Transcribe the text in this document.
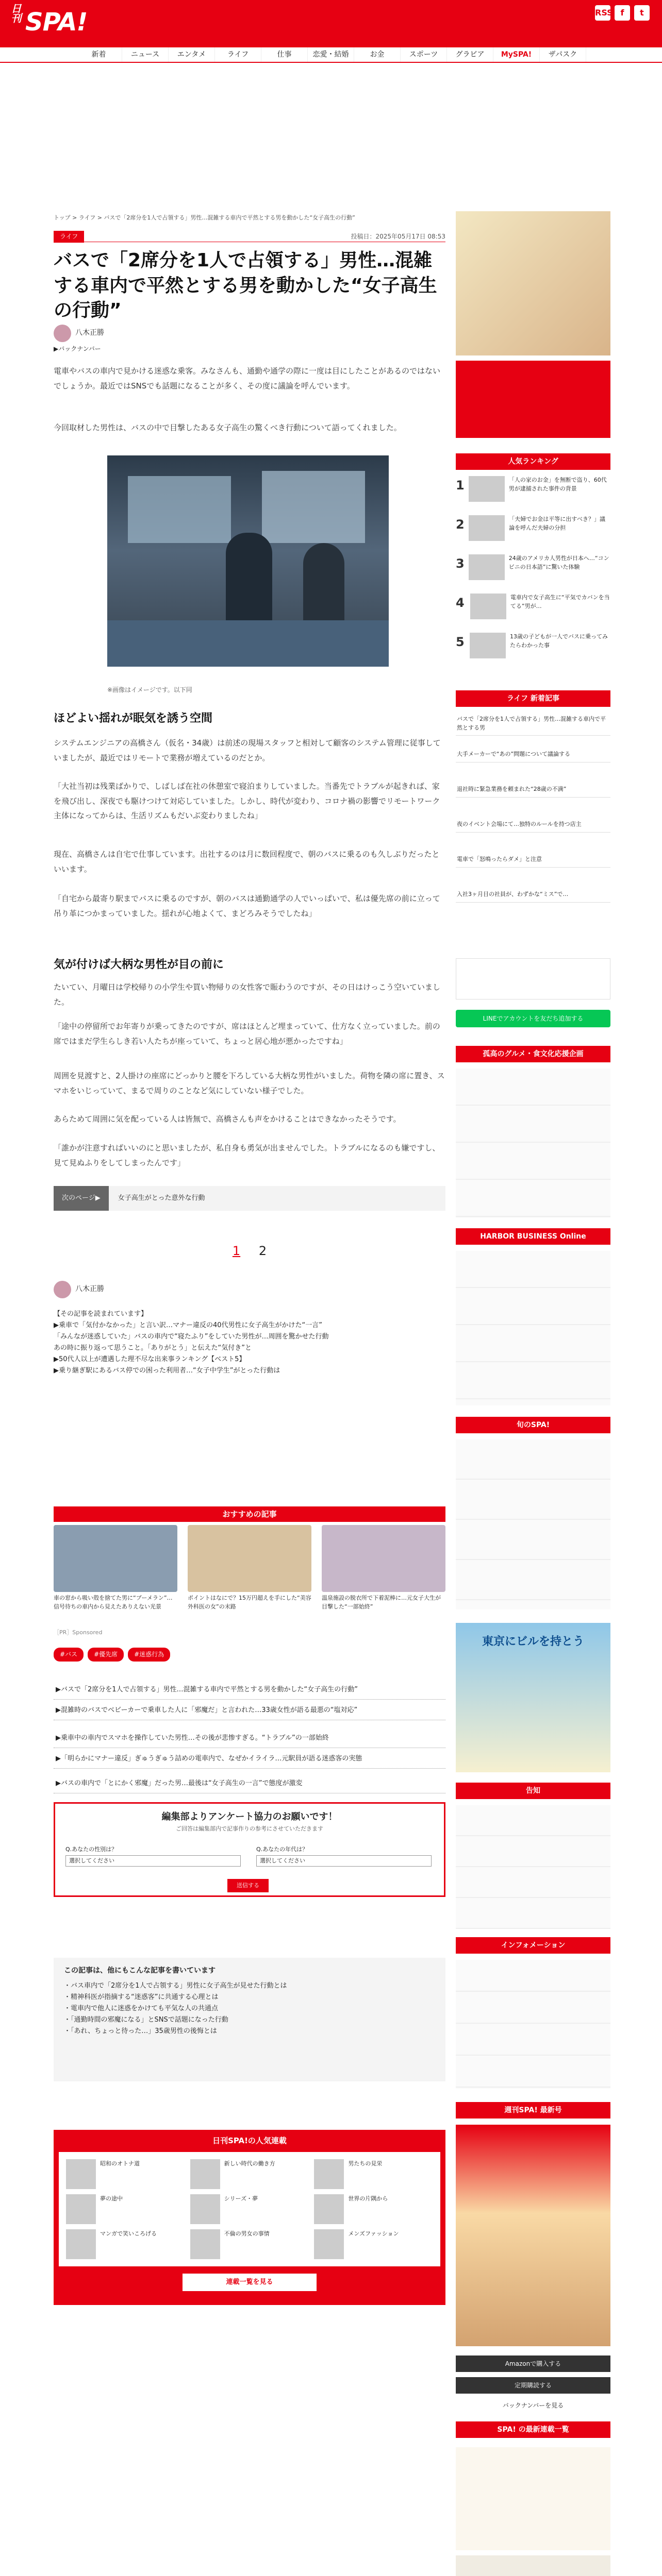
日刊 SPA!	RSS f	t
新着	ニュース	エンタメ	ライフ	仕事	恋愛・結婚	お金	スポーツ	グラビア	MySPA!	ザパスク
トップ > ライフ > バスで「2席分を1人で占領する」男性…混雑する車内で平然とする男を動かした“女子高生の行動”
ライフ	投稿日：2025年05月17日 08:53
バスで「2席分を1人で占領する」男性…混雑する車内で平然とする男を動かした“女子高生の行動”
八木正勝
▶バックナンバー

電車やバスの車内で見かける迷惑な乗客。みなさんも、通勤や通学の際に一度は目にしたことがあるのではないでしょうか。最近ではSNSでも話題になることが多く、その度に議論を呼んでいます。

今回取材した男性は、バスの中で目撃したある女子高生の驚くべき行動について語ってくれました。

※画像はイメージです。以下同
ほどよい揺れが眠気を誘う空間

システムエンジニアの高橋さん（仮名・34歳）は前述の現場スタッフと相対して顧客のシステム管理に従事していましたが、最近ではリモートで業務が増えているのだとか。

「大社当初は残業ばかりで、しばしば在社の休憩室で寝泊まりしていました。当番先でトラブルが起きれば、家を飛び出し、深夜でも駆けつけて対応していました。しかし、時代が変わり、コロナ禍の影響でリモートワーク主体になってからは、生活リズムもだいぶ変わりましたね」

現在、高橋さんは自宅で仕事しています。出社するのは月に数回程度で、朝のバスに乗るのも久しぶりだったといいます。

「自宅から最寄り駅までバスに乗るのですが、朝のバスは通勤通学の人でいっぱいで、私は優先席の前に立って吊り革につかまっていました。揺れが心地よくて、まどろみそうでしたね」

気が付けば大柄な男性が目の前に

たいてい、月曜日は学校帰りの小学生や買い物帰りの女性客で賑わうのですが、その日はけっこう空いていました。

「途中の停留所でお年寄りが乗ってきたのですが、席はほとんど埋まっていて、仕方なく立っていました。前の席ではまだ学生らしき若い人たちが座っていて、ちょっと居心地が悪かったですね」

周囲を見渡すと、2人掛けの座席にどっかりと腰を下ろしている大柄な男性がいました。荷物を隣の席に置き、スマホをいじっていて、まるで周りのことなど気にしていない様子でした。

あらためて周囲に気を配っている人は皆無で、高橋さんも声をかけることはできなかったそうです。

「誰かが注意すればいいのにと思いましたが、私自身も勇気が出ませんでした。トラブルになるのも嫌ですし、見て見ぬふりをしてしまったんです」

次のページ▶	女子高生がとった意外な行動
1 2
八木正勝
【その記事を読まれています】
▶乗車で「気付かなかった」と言い訳…マナー違反の40代男性に女子高生がかけた“一言”
「みんなが迷惑していた」バスの車内で“寝たふり”をしていた男性が…周囲を驚かせた行動
あの時に振り返って思うこと。「ありがとう」と伝えた“気付き”と
▶50代人以上が遭遇した理不尽な出来事ランキング【ベスト5】
▶乗り継ぎ駅にあるバス停での困った利用者…“女子中学生”がとった行動は
おすすめの記事
車の窓から吸い殻を捨てた男に“ブーメラン”…信号待ちの車内から見えたありえない光景
ポイントはなにで？15万円超えを手にした“美容外科医の女”の末路
温泉施設の脱衣所で下着泥棒に…元女子大生が目撃した“一部始終”
［PR］Sponsored
#バス	#優先席	#迷惑行為
▶バスで「2席分を1人で占領する」男性…混雑する車内で平然とする男を動かした“女子高生の行動”
▶混雑時のバスでベビーカーで乗車した人に「邪魔だ」と言われた…33歳女性が語る最悪の“塩対応”
▶乗車中の車内でスマホを操作していた男性…その後が悲惨すぎる。“トラブル”の一部始終
▶「明らかにマナー違反」ぎゅうぎゅう詰めの電車内で、なぜかイライラ…元駅員が語る迷惑客の実態
▶バスの車内で「とにかく邪魔」だった男…最後は“女子高生の一言”で態度が激変
編集部よりアンケート協力のお願いです！
ご回答は編集部内で記事作りの参考にさせていただきます
Q.あなたの性別は？
選択してください
Q.あなたの年代は？
選択してください
送信する
この記事は、他にもこんな記事を書いています
・バス車内で「2席分を1人で占領する」男性に女子高生が見せた行動とは
・精神科医が指摘する“迷惑客”に共通する心理とは
・電車内で他人に迷惑をかけても平気な人の共通点
・「通勤時間の邪魔になる」とSNSで話題になった行動
・「あれ、ちょっと待った…」35歳男性の後悔とは
日刊SPA!の人気連載
昭和のオトナ道	新しい時代の働き方	男たちの見栄
夢の途中	シリーズ・夢	世界の片隅から
マンガで笑いころげる	不倫の男女の事情	メンズファッション
連載一覧を見る
人気ランキング
1	「人の家のお金」を無断で盗り、60代男が逮捕された事件の背景
2	「夫婦でお金は平等に出すべき？」議論を呼んだ夫婦の分担
3	24歳のアメリカ人男性が日本へ…“コンビニの日本語”に驚いた体験
4	電車内で女子高生に“平気でカバンを当てる”男が…
5	13歳の子どもが一人でバスに乗ってみたらわかった事
ライフ 新着記事
バスで「2席分を1人で占領する」男性…混雑する車内で平然とする男
大手メーカーで“あの”問題について議論する
退社時に緊急業務を頼まれた“28歳の不満”
夜のイベント会場にて…独特のルールを持つ店主
電車で「怒鳴ったらダメ」と注意
入社3ヶ月目の社員が、わずかな“ミス”で…
LINEでアカウントを友だち追加する
孤高のグルメ・食文化応援企画
HARBOR BUSINESS Online
旬のSPA!
東京にビルを持とう
告知
インフォメーション
週刊SPA! 最新号
Amazonで購入する
定期購読する
バックナンバーを見る
SPA! の最新連載一覧
